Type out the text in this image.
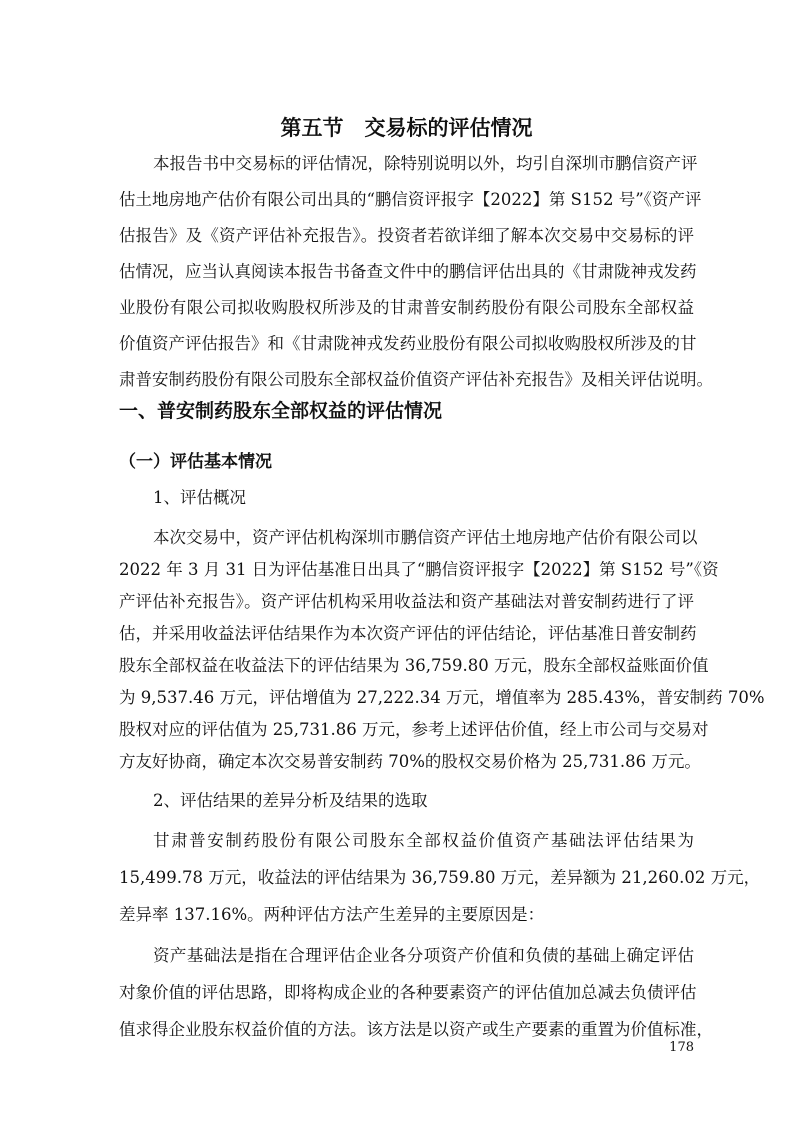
第五节　交易标的评估情况
本报告书中交易标的评估情况，除特别说明以外，均引自深圳市鹏信资产评
估土地房地产估价有限公司出具的“鹏信资评报字【2022】第 S152 号”《资产评
估报告》及《资产评估补充报告》。投资者若欲详细了解本次交易中交易标的评
估情况，应当认真阅读本报告书备查文件中的鹏信评估出具的《甘肃陇神戎发药
业股份有限公司拟收购股权所涉及的甘肃普安制药股份有限公司股东全部权益
价值资产评估报告》和《甘肃陇神戎发药业股份有限公司拟收购股权所涉及的甘
肃普安制药股份有限公司股东全部权益价值资产评估补充报告》及相关评估说明。
一、普安制药股东全部权益的评估情况
（一）评估基本情况
1、评估概况
本次交易中，资产评估机构深圳市鹏信资产评估土地房地产估价有限公司以
2022 年 3 月 31 日为评估基准日出具了“鹏信资评报字【2022】第 S152 号”《资
产评估补充报告》。资产评估机构采用收益法和资产基础法对普安制药进行了评
估，并采用收益法评估结果作为本次资产评估的评估结论，评估基准日普安制药
股东全部权益在收益法下的评估结果为 36,759.80 万元，股东全部权益账面价值
为 9,537.46 万元，评估增值为 27,222.34 万元，增值率为 285.43%，普安制药 70%
股权对应的评估值为 25,731.86 万元，参考上述评估价值，经上市公司与交易对
方友好协商，确定本次交易普安制药 70%的股权交易价格为 25,731.86 万元。
2、评估结果的差异分析及结果的选取
甘肃普安制药股份有限公司股东全部权益价值资产基础法评估结果为
15,499.78 万元，收益法的评估结果为 36,759.80 万元，差异额为 21,260.02 万元，
差异率 137.16%。两种评估方法产生差异的主要原因是：
资产基础法是指在合理评估企业各分项资产价值和负债的基础上确定评估
对象价值的评估思路，即将构成企业的各种要素资产的评估值加总减去负债评估
值求得企业股东权益价值的方法。该方法是以资产或生产要素的重置为价值标准，
178
